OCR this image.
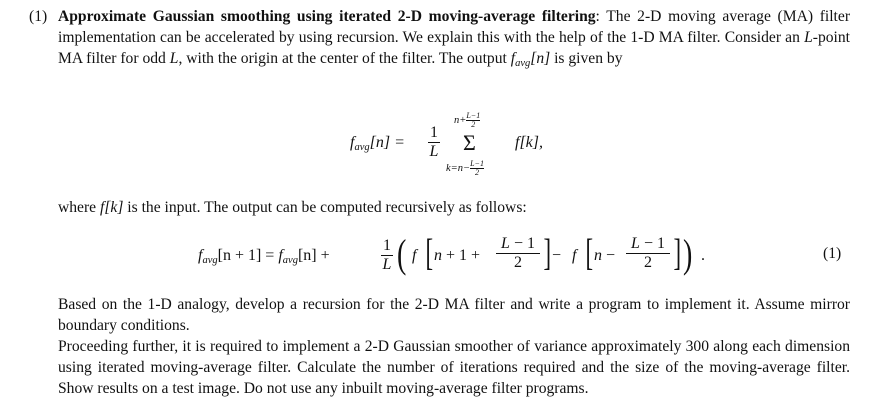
(1) Approximate Gaussian smoothing using iterated 2-D moving-average filtering: The 2-D moving average (MA) filter implementation can be accelerated by using recursion. We explain this with the help of the 1-D MA filter. Consider an L-point MA filter for odd L, with the origin at the center of the filter. The output favg[n] is given by
favg[n] =
1
L
$n+\frac{L-1}{2}$
Σ
$k=n-\frac{L-1}{2}$
f[k],
where f[k] is the input. The output can be computed recursively as follows:
favg[n + 1] = favg[n] +
1
L ( f [ n + 1 +
L − 1
2 ] − f [ n −
L − 1
2 ] ) .	(1)
Based on the 1-D analogy, develop a recursion for the 2-D MA filter and write a program to implement it. Assume mirror boundary conditions.
Proceeding further, it is required to implement a 2-D Gaussian smoother of variance approximately 300 along each dimension using iterated moving-average filter. Calculate the number of iterations required and the size of the moving-average filter. Show results on a test image. Do not use any inbuilt moving-average filter programs.
